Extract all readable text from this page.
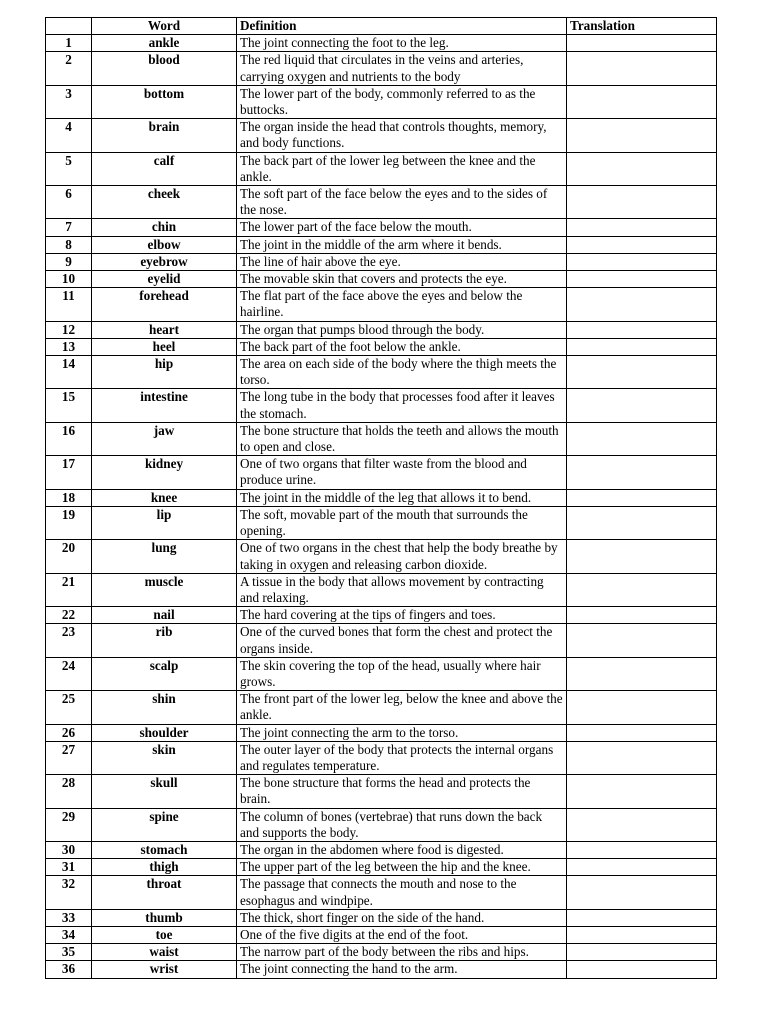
	Word	Definition	Translation
1	ankle	The joint connecting the foot to the leg.	
2	blood	The red liquid that circulates in the veins and arteries, carrying oxygen and nutrients to the body	
3	bottom	The lower part of the body, commonly referred to as the buttocks.	
4	brain	The organ inside the head that controls thoughts, memory, and body functions.	
5	calf	The back part of the lower leg between the knee and the ankle.	
6	cheek	The soft part of the face below the eyes and to the sides of the nose.	
7	chin	The lower part of the face below the mouth.	
8	elbow	The joint in the middle of the arm where it bends.	
9	eyebrow	The line of hair above the eye.	
10	eyelid	The movable skin that covers and protects the eye.	
11	forehead	The flat part of the face above the eyes and below the hairline.	
12	heart	The organ that pumps blood through the body.	
13	heel	The back part of the foot below the ankle.	
14	hip	The area on each side of the body where the thigh meets the torso.	
15	intestine	The long tube in the body that processes food after it leaves the stomach.	
16	jaw	The bone structure that holds the teeth and allows the mouth to open and close.	
17	kidney	One of two organs that filter waste from the blood and produce urine.	
18	knee	The joint in the middle of the leg that allows it to bend.	
19	lip	The soft, movable part of the mouth that surrounds the opening.	
20	lung	One of two organs in the chest that help the body breathe by taking in oxygen and releasing carbon dioxide.	
21	muscle	A tissue in the body that allows movement by contracting and relaxing.	
22	nail	The hard covering at the tips of fingers and toes.	
23	rib	One of the curved bones that form the chest and protect the organs inside.	
24	scalp	The skin covering the top of the head, usually where hair grows.	
25	shin	The front part of the lower leg, below the knee and above the ankle.	
26	shoulder	The joint connecting the arm to the torso.	
27	skin	The outer layer of the body that protects the internal organs and regulates temperature.	
28	skull	The bone structure that forms the head and protects the brain.	
29	spine	The column of bones (vertebrae) that runs down the back and supports the body.	
30	stomach	The organ in the abdomen where food is digested.	
31	thigh	The upper part of the leg between the hip and the knee.	
32	throat	The passage that connects the mouth and nose to the esophagus and windpipe.	
33	thumb	The thick, short finger on the side of the hand.	
34	toe	One of the five digits at the end of the foot.	
35	waist	The narrow part of the body between the ribs and hips.	
36	wrist	The joint connecting the hand to the arm.	
